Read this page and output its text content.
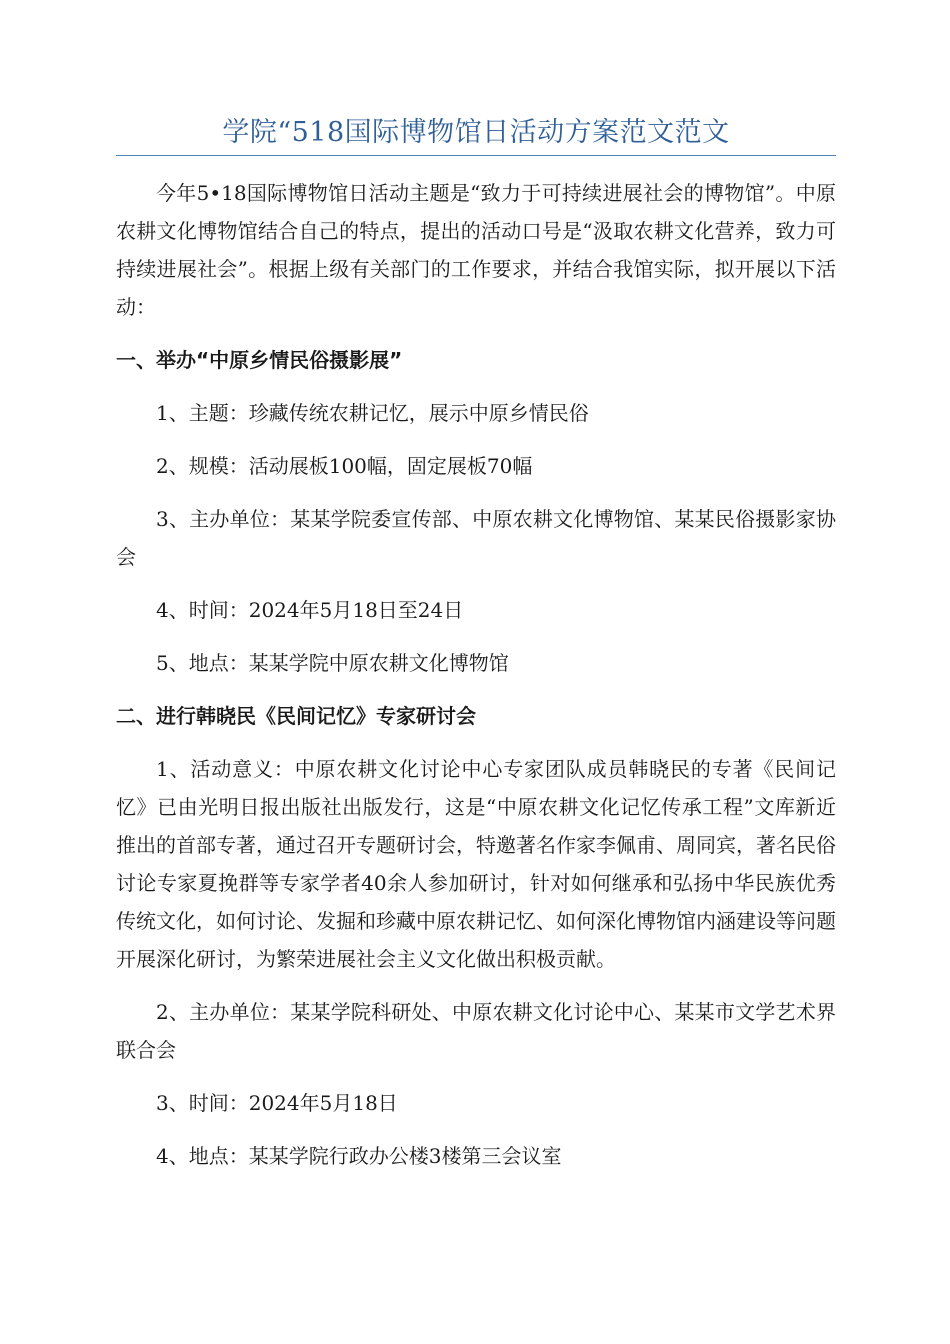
学院“518国际博物馆日活动方案范文范文

今年5•18国际博物馆日活动主题是“致力于可持续进展社会的博物馆”。中原农耕文化博物馆结合自己的特点，提出的活动口号是“汲取农耕文化营养，致力可持续进展社会”。根据上级有关部门的工作要求，并结合我馆实际，拟开展以下活动：

一、举办“中原乡情民俗摄影展”

1、主题：珍藏传统农耕记忆，展示中原乡情民俗

2、规模：活动展板100幅，固定展板70幅

3、主办单位：某某学院委宣传部、中原农耕文化博物馆、某某民俗摄影家协会

4、时间：2024年5月18日至24日

5、地点：某某学院中原农耕文化博物馆

二、进行韩晓民《民间记忆》专家研讨会

1、活动意义：中原农耕文化讨论中心专家团队成员韩晓民的专著《民间记忆》已由光明日报出版社出版发行，这是“中原农耕文化记忆传承工程”文库新近推出的首部专著，通过召开专题研讨会，特邀著名作家李佩甫、周同宾，著名民俗讨论专家夏挽群等专家学者40余人参加研讨，针对如何继承和弘扬中华民族优秀传统文化，如何讨论、发掘和珍藏中原农耕记忆、如何深化博物馆内涵建设等问题开展深化研讨，为繁荣进展社会主义文化做出积极贡献。

2、主办单位：某某学院科研处、中原农耕文化讨论中心、某某市文学艺术界联合会

3、时间：2024年5月18日

4、地点：某某学院行政办公楼3楼第三会议室
